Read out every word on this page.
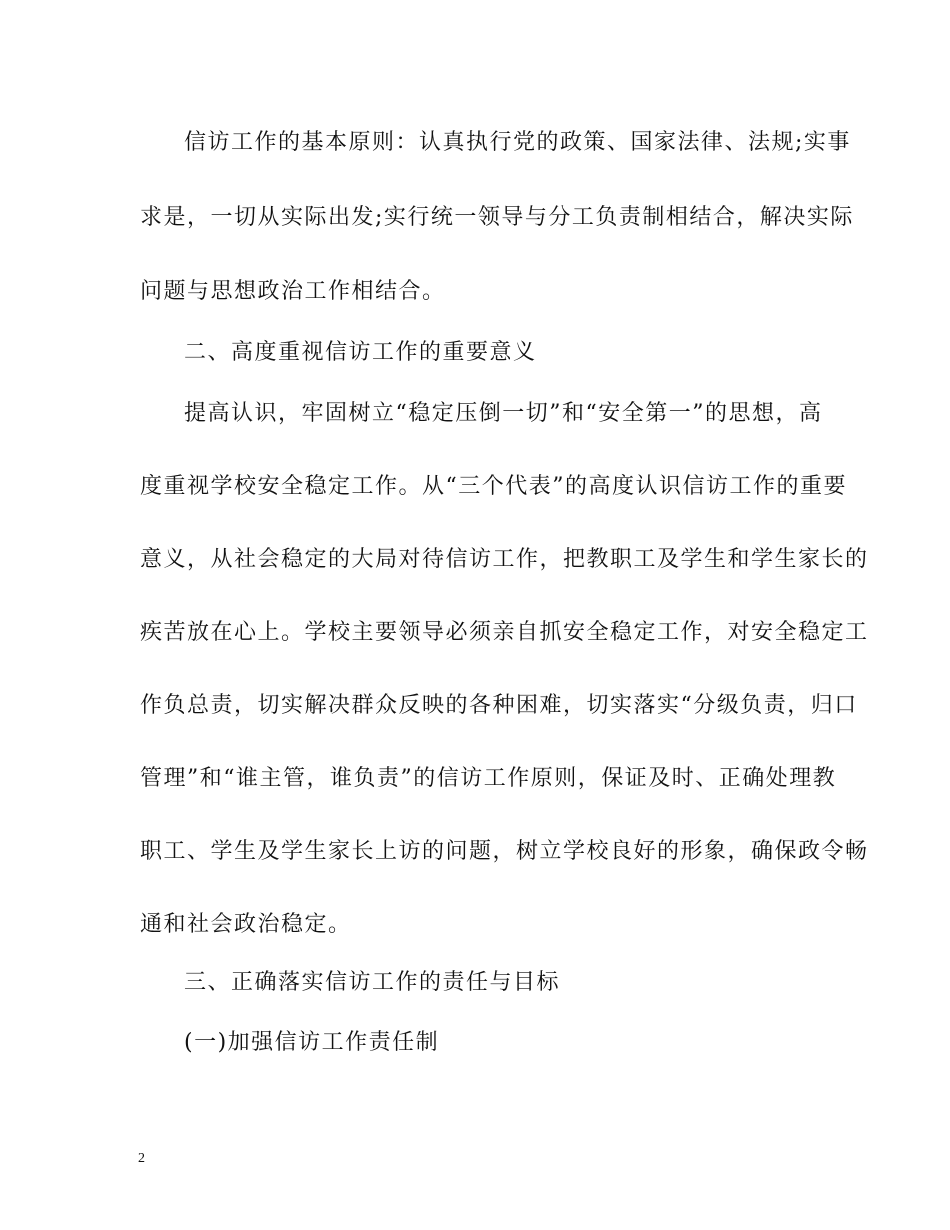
信访工作的基本原则：认真执行党的政策、国家法律、法规;实事
求是，一切从实际出发;实行统一领导与分工负责制相结合，解决实际
问题与思想政治工作相结合。
二、高度重视信访工作的重要意义
提高认识，牢固树立“稳定压倒一切”和“安全第一”的思想，高
度重视学校安全稳定工作。从“三个代表”的高度认识信访工作的重要
意义，从社会稳定的大局对待信访工作，把教职工及学生和学生家长的
疾苦放在心上。学校主要领导必须亲自抓安全稳定工作，对安全稳定工
作负总责，切实解决群众反映的各种困难，切实落实“分级负责，归口
管理”和“谁主管，谁负责”的信访工作原则，保证及时、正确处理教
职工、学生及学生家长上访的问题，树立学校良好的形象，确保政令畅
通和社会政治稳定。
三、正确落实信访工作的责任与目标
(一)加强信访工作责任制
2
